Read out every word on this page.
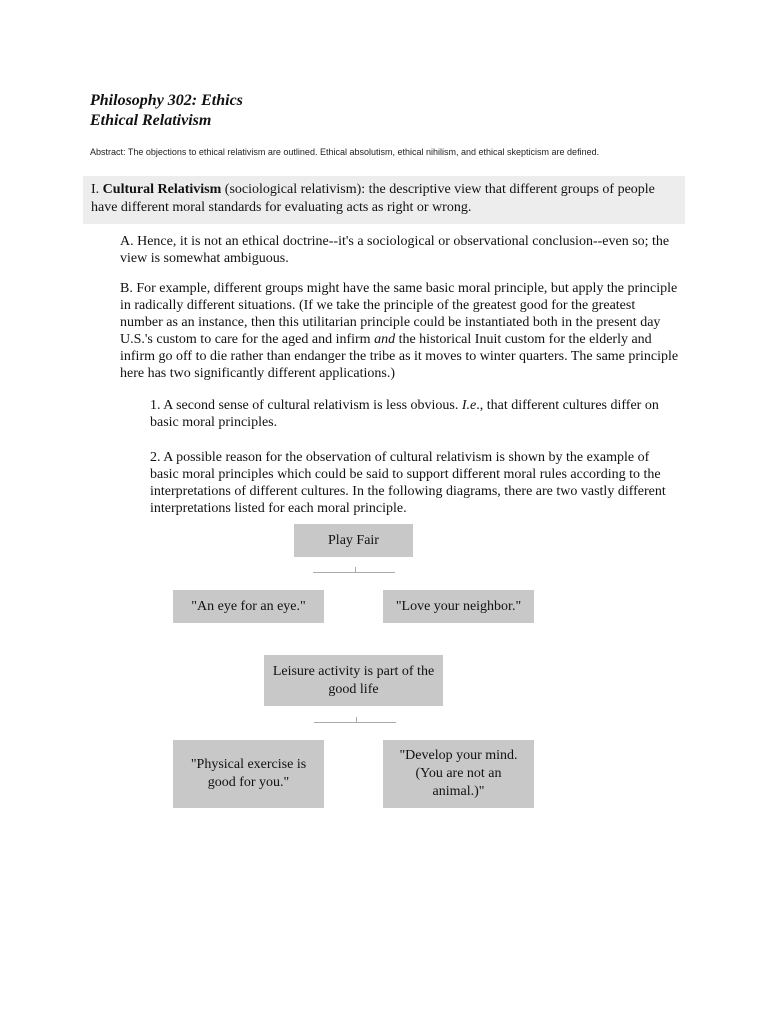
Philosophy 302: Ethics
Ethical Relativism
Abstract: The objections to ethical relativism are outlined. Ethical absolutism, ethical nihilism, and ethical skepticism are defined.
I. Cultural Relativism (sociological relativism): the descriptive view that different groups of people have different moral standards for evaluating acts as right or wrong.
A. Hence, it is not an ethical doctrine--it's a sociological or observational conclusion--even so; the view is somewhat ambiguous.
B. For example, different groups might have the same basic moral principle, but apply the principle in radically different situations. (If we take the principle of the greatest good for the greatest number as an instance, then this utilitarian principle could be instantiated both in the present day U.S.'s custom to care for the aged and infirm and the historical Inuit custom for the elderly and infirm go off to die rather than endanger the tribe as it moves to winter quarters. The same principle here has two significantly different applications.)
1. A second sense of cultural relativism is less obvious. I.e., that different cultures differ on basic moral principles.
2. A possible reason for the observation of cultural relativism is shown by the example of basic moral principles which could be said to support different moral rules according to the interpretations of different cultures. In the following diagrams, there are two vastly different interpretations listed for each moral principle.
Play Fair
"An eye for an eye."	"Love your neighbor."
Leisure activity is part of the good life
"Physical exercise is good for you."
"Develop your mind. (You are not an animal.)"
